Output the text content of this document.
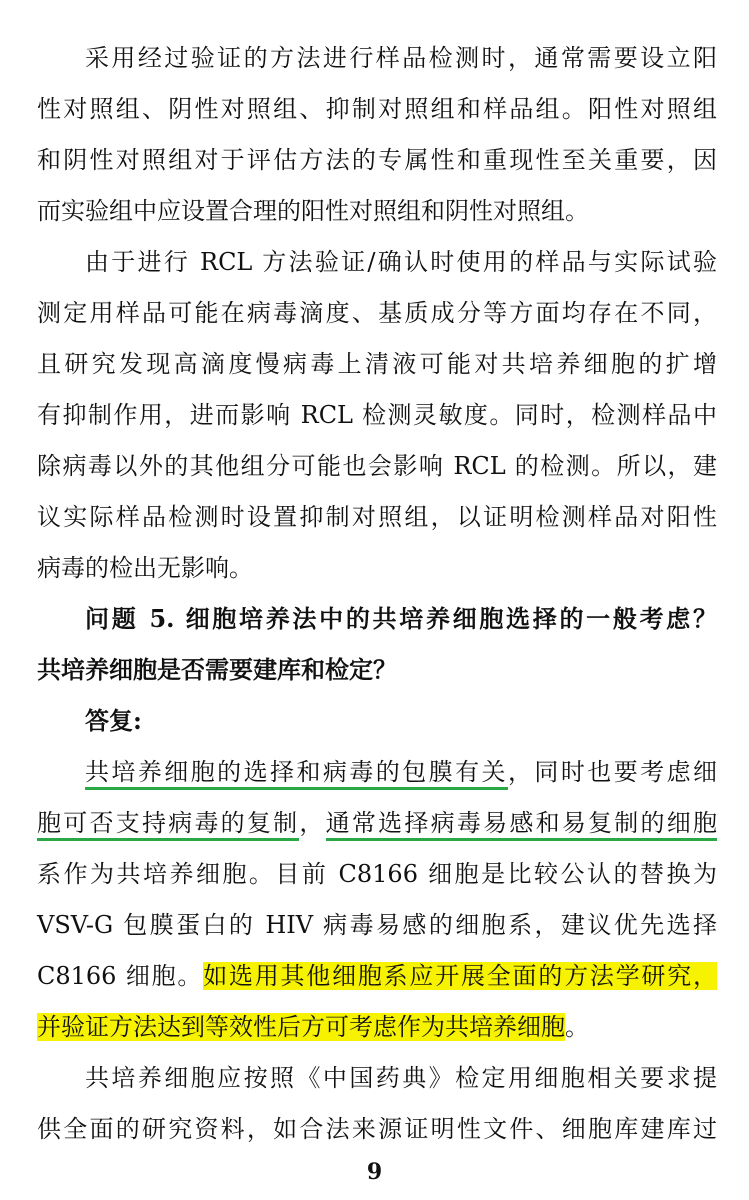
采用经过验证的方法进行样品检测时，通常需要设立阳
性对照组、阴性对照组、抑制对照组和样品组。阳性对照组
和阴性对照组对于评估方法的专属性和重现性至关重要，因
而实验组中应设置合理的阳性对照组和阴性对照组。
由于进行 RCL 方法验证/确认时使用的样品与实际试验
测定用样品可能在病毒滴度、基质成分等方面均存在不同，
且研究发现高滴度慢病毒上清液可能对共培养细胞的扩增
有抑制作用，进而影响 RCL 检测灵敏度。同时，检测样品中
除病毒以外的其他组分可能也会影响 RCL 的检测。所以，建
议实际样品检测时设置抑制对照组，以证明检测样品对阳性
病毒的检出无影响。
问题 5. 细胞培养法中的共培养细胞选择的一般考虑？
共培养细胞是否需要建库和检定？
答复:
共培养细胞的选择和病毒的包膜有关，同时也要考虑细
胞可否支持病毒的复制，通常选择病毒易感和易复制的细胞
系作为共培养细胞。目前 C8166 细胞是比较公认的替换为
VSV-G 包膜蛋白的 HIV 病毒易感的细胞系，建议优先选择
C8166 细胞。如选用其他细胞系应开展全面的方法学研究，
并验证方法达到等效性后方可考虑作为共培养细胞。
共培养细胞应按照《中国药典》检定用细胞相关要求提
供全面的研究资料，如合法来源证明性文件、细胞库建库过
9
